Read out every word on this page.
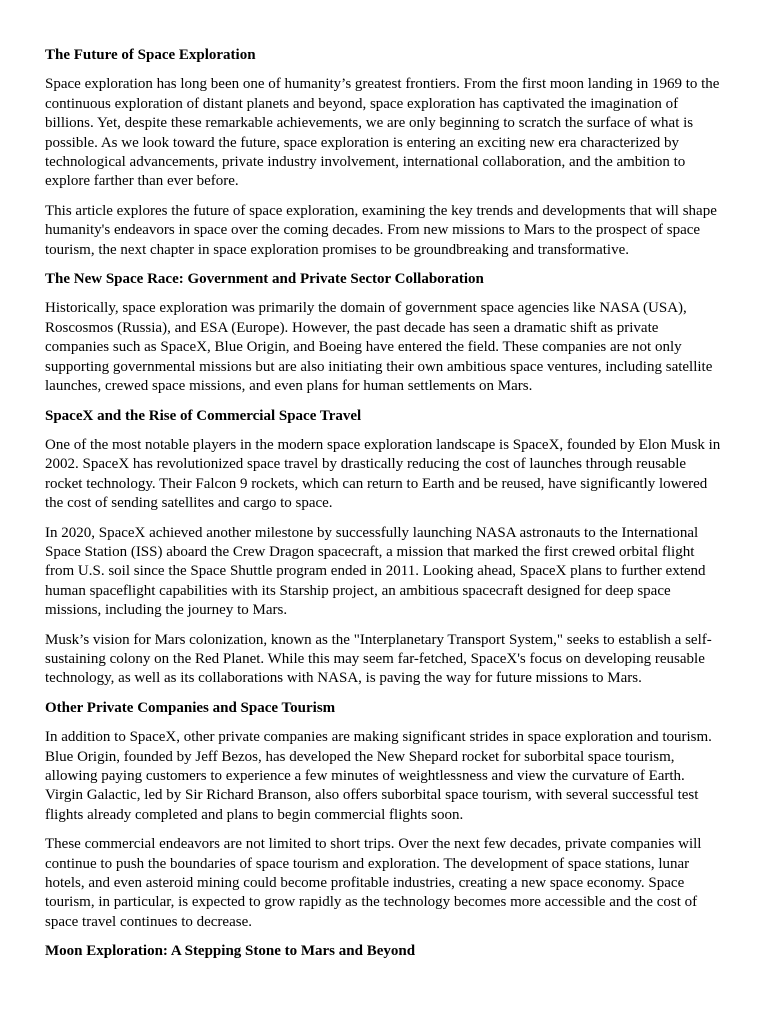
The Future of Space Exploration

Space exploration has long been one of humanity’s greatest frontiers. From the first moon landing in 1969 to the continuous exploration of distant planets and beyond, space exploration has captivated the imagination of billions. Yet, despite these remarkable achievements, we are only beginning to scratch the surface of what is possible. As we look toward the future, space exploration is entering an exciting new era characterized by technological advancements, private industry involvement, international collaboration, and the ambition to explore farther than ever before.

This article explores the future of space exploration, examining the key trends and developments that will shape humanity's endeavors in space over the coming decades. From new missions to Mars to the prospect of space tourism, the next chapter in space exploration promises to be groundbreaking and transformative.

The New Space Race: Government and Private Sector Collaboration

Historically, space exploration was primarily the domain of government space agencies like NASA (USA), Roscosmos (Russia), and ESA (Europe). However, the past decade has seen a dramatic shift as private companies such as SpaceX, Blue Origin, and Boeing have entered the field. These companies are not only supporting governmental missions but are also initiating their own ambitious space ventures, including satellite launches, crewed space missions, and even plans for human settlements on Mars.

SpaceX and the Rise of Commercial Space Travel

One of the most notable players in the modern space exploration landscape is SpaceX, founded by Elon Musk in 2002. SpaceX has revolutionized space travel by drastically reducing the cost of launches through reusable rocket technology. Their Falcon 9 rockets, which can return to Earth and be reused, have significantly lowered the cost of sending satellites and cargo to space.

In 2020, SpaceX achieved another milestone by successfully launching NASA astronauts to the International Space Station (ISS) aboard the Crew Dragon spacecraft, a mission that marked the first crewed orbital flight from U.S. soil since the Space Shuttle program ended in 2011. Looking ahead, SpaceX plans to further extend human spaceflight capabilities with its Starship project, an ambitious spacecraft designed for deep space missions, including the journey to Mars.

Musk’s vision for Mars colonization, known as the "Interplanetary Transport System," seeks to establish a self-sustaining colony on the Red Planet. While this may seem far-fetched, SpaceX's focus on developing reusable technology, as well as its collaborations with NASA, is paving the way for future missions to Mars.

Other Private Companies and Space Tourism

In addition to SpaceX, other private companies are making significant strides in space exploration and tourism. Blue Origin, founded by Jeff Bezos, has developed the New Shepard rocket for suborbital space tourism, allowing paying customers to experience a few minutes of weightlessness and view the curvature of Earth. Virgin Galactic, led by Sir Richard Branson, also offers suborbital space tourism, with several successful test flights already completed and plans to begin commercial flights soon.

These commercial endeavors are not limited to short trips. Over the next few decades, private companies will continue to push the boundaries of space tourism and exploration. The development of space stations, lunar hotels, and even asteroid mining could become profitable industries, creating a new space economy. Space tourism, in particular, is expected to grow rapidly as the technology becomes more accessible and the cost of space travel continues to decrease.

Moon Exploration: A Stepping Stone to Mars and Beyond
